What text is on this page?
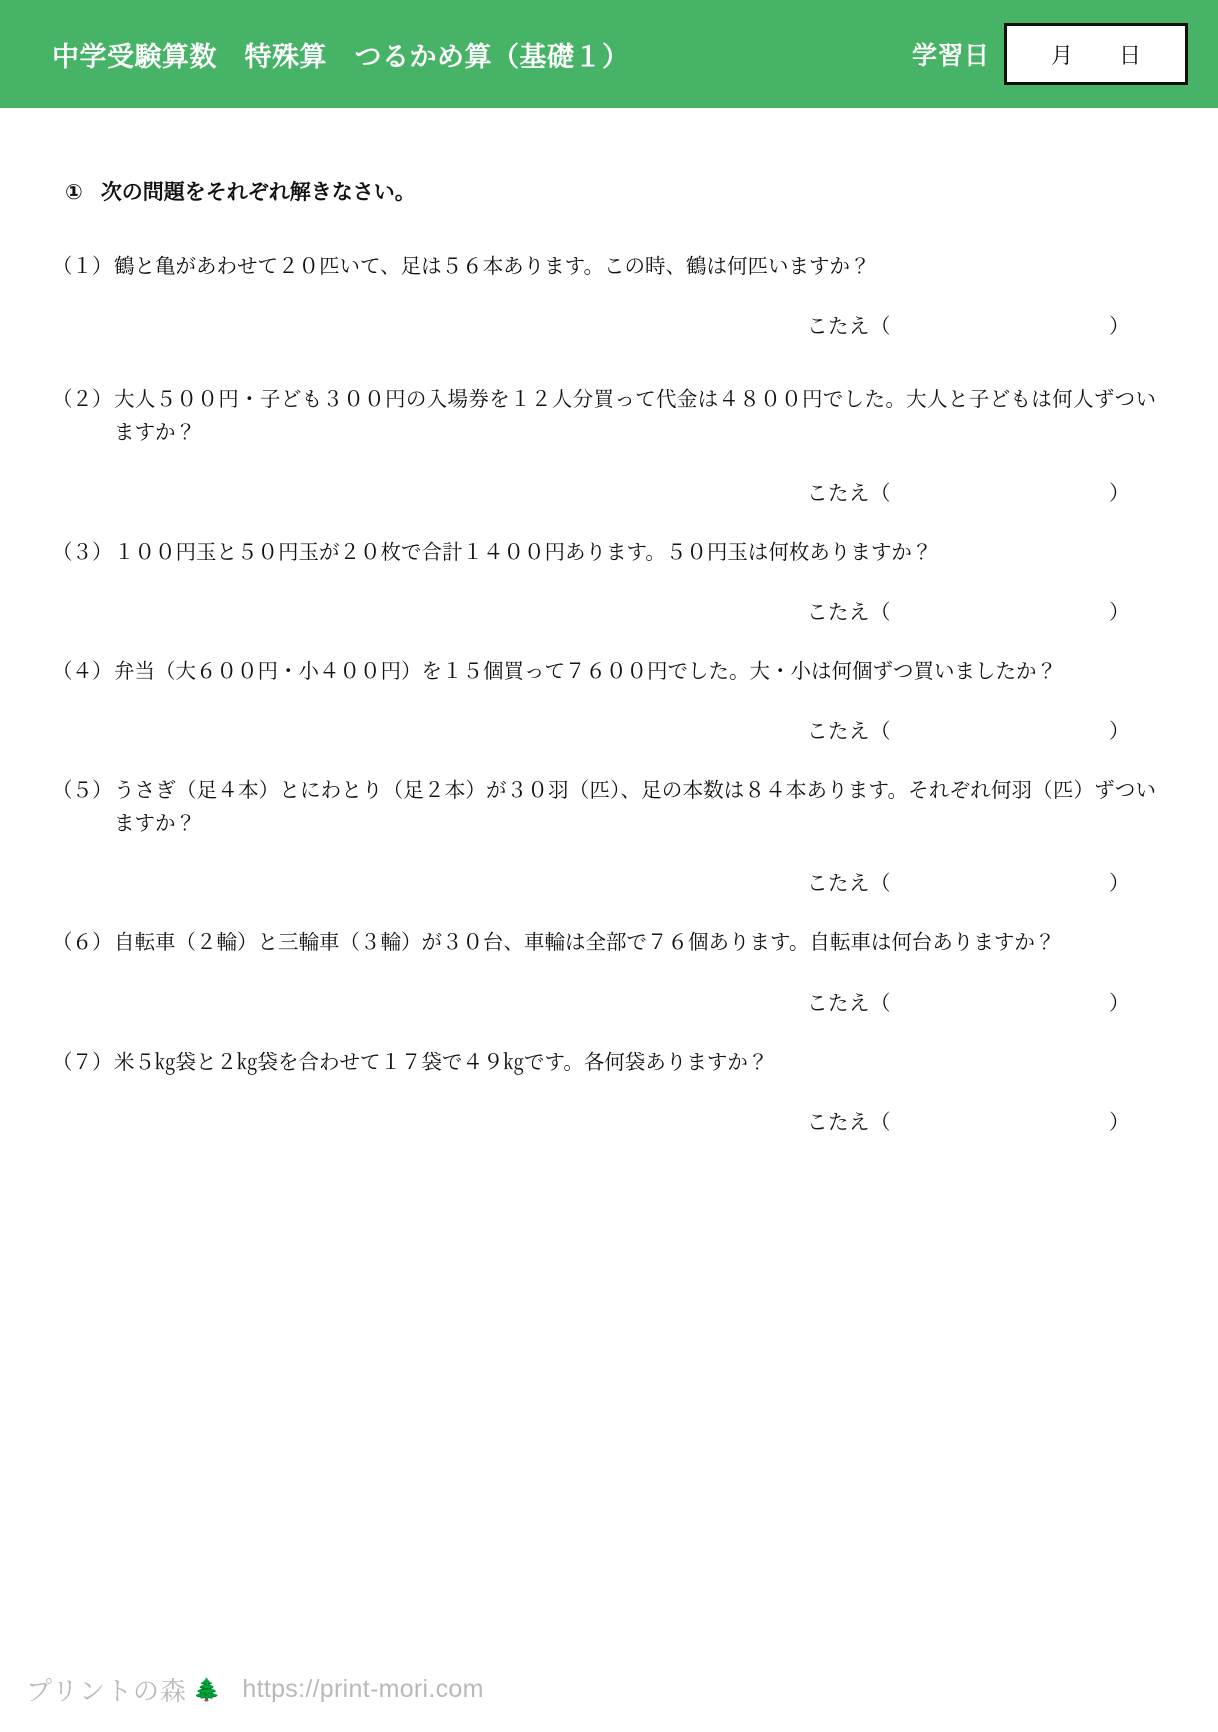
中学受験算数　特殊算　つるかめ算（基礎１）	学習日	月 日
① 次の問題をそれぞれ解きなさい。
（１） 鶴と亀があわせて２０匹いて、足は５６本あります。この時、鶴は何匹いますか？
こたえ（	）
（２） 大人５００円・子ども３００円の入場券を１２人分買って代金は４８００円でした。大人と子どもは何人ずついますか？
こたえ（	）
（３） １００円玉と５０円玉が２０枚で合計１４００円あります。５０円玉は何枚ありますか？
こたえ（	）
（４） 弁当（大６００円・小４００円）を１５個買って７６００円でした。大・小は何個ずつ買いましたか？
こたえ（	）
（５） うさぎ（足４本）とにわとり（足２本）が３０羽（匹）、足の本数は８４本あります。それぞれ何羽（匹）ずついますか？
こたえ（	）
（６） 自転車（２輪）と三輪車（３輪）が３０台、車輪は全部で７６個あります。自転車は何台ありますか？
こたえ（	）
（７） 米５㎏袋と２㎏袋を合わせて１７袋で４９㎏です。各何袋ありますか？
こたえ（	）
プリントの森 🌲 https://print-mori.com
